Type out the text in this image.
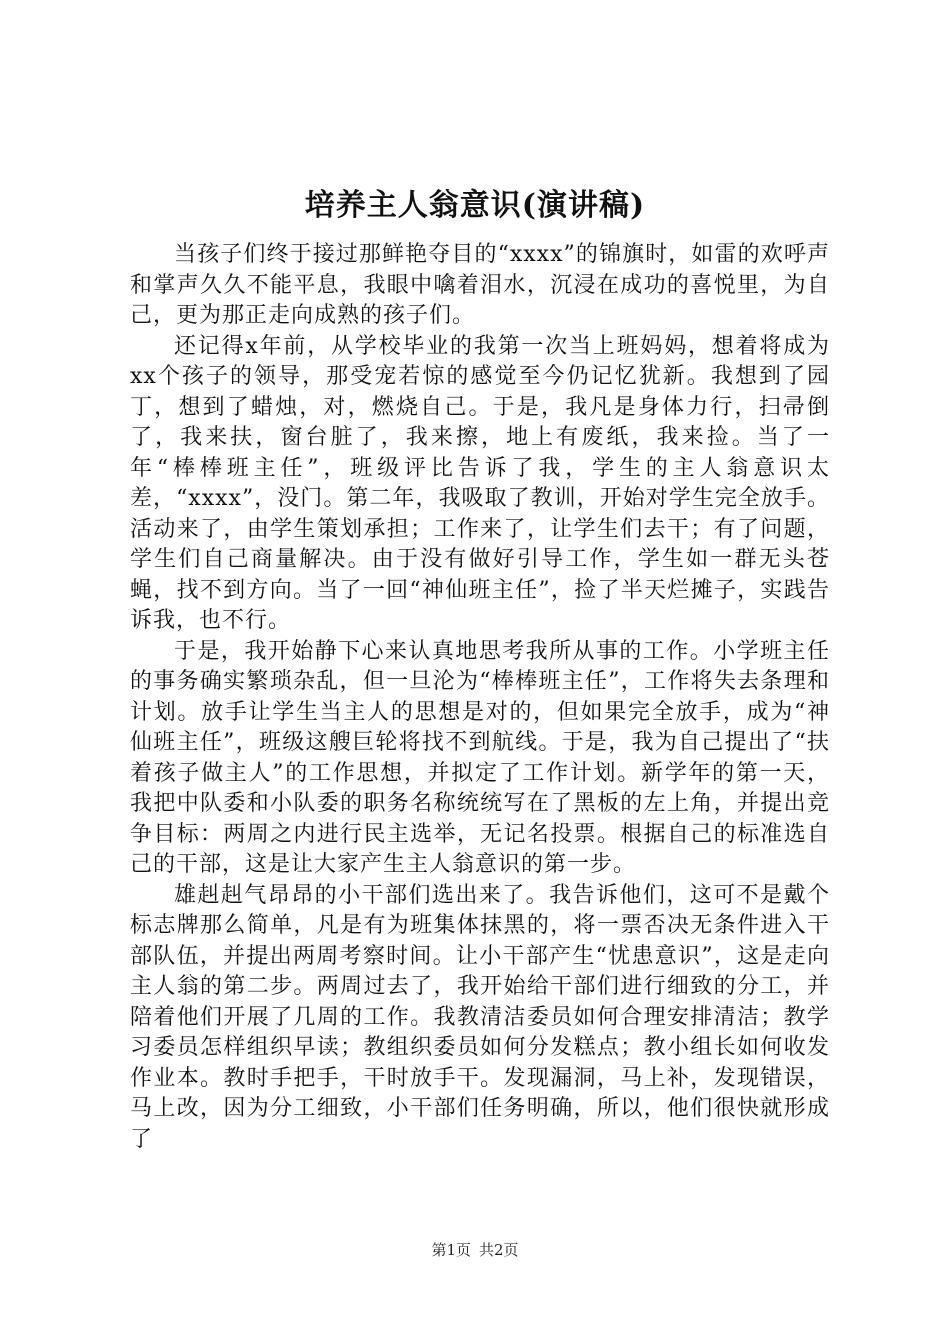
培养主人翁意识(演讲稿)

当孩子们终于接过那鲜艳夺目的“xxxx”的锦旗时，如雷的欢呼声和掌声久久不能平息，我眼中噙着泪水，沉浸在成功的喜悦里，为自己，更为那正走向成熟的孩子们。

还记得x年前，从学校毕业的我第一次当上班妈妈，想着将成为xx个孩子的领导，那受宠若惊的感觉至今仍记忆犹新。我想到了园丁，想到了蜡烛，对，燃烧自己。于是，我凡是身体力行，扫帚倒了，我来扶，窗台脏了，我来擦，地上有废纸，我来捡。当了一年“棒棒班主任”，班级评比告诉了我，学生的主人翁意识太差，“xxxx”，没门。第二年，我吸取了教训，开始对学生完全放手。活动来了，由学生策划承担；工作来了，让学生们去干；有了问题，学生们自己商量解决。由于没有做好引导工作，学生如一群无头苍蝇，找不到方向。当了一回“神仙班主任”，捡了半天烂摊子，实践告诉我，也不行。

于是，我开始静下心来认真地思考我所从事的工作。小学班主任的事务确实繁琐杂乱，但一旦沦为“棒棒班主任”，工作将失去条理和计划。放手让学生当主人的思想是对的，但如果完全放手，成为“神仙班主任”，班级这艘巨轮将找不到航线。于是，我为自己提出了“扶着孩子做主人”的工作思想，并拟定了工作计划。新学年的第一天，我把中队委和小队委的职务名称统统写在了黑板的左上角，并提出竞争目标：两周之内进行民主选举，无记名投票。根据自己的标准选自己的干部，这是让大家产生主人翁意识的第一步。

雄赳赳气昂昂的小干部们选出来了。我告诉他们，这可不是戴个标志牌那么简单，凡是有为班集体抹黑的，将一票否决无条件进入干部队伍，并提出两周考察时间。让小干部产生“忧患意识”，这是走向主人翁的第二步。两周过去了，我开始给干部们进行细致的分工，并陪着他们开展了几周的工作。我教清洁委员如何合理安排清洁；教学习委员怎样组织早读；教组织委员如何分发糕点；教小组长如何收发作业本。教时手把手，干时放手干。发现漏洞，马上补，发现错误，马上改，因为分工细致，小干部们任务明确，所以，他们很快就形成了

第1页 共2页
